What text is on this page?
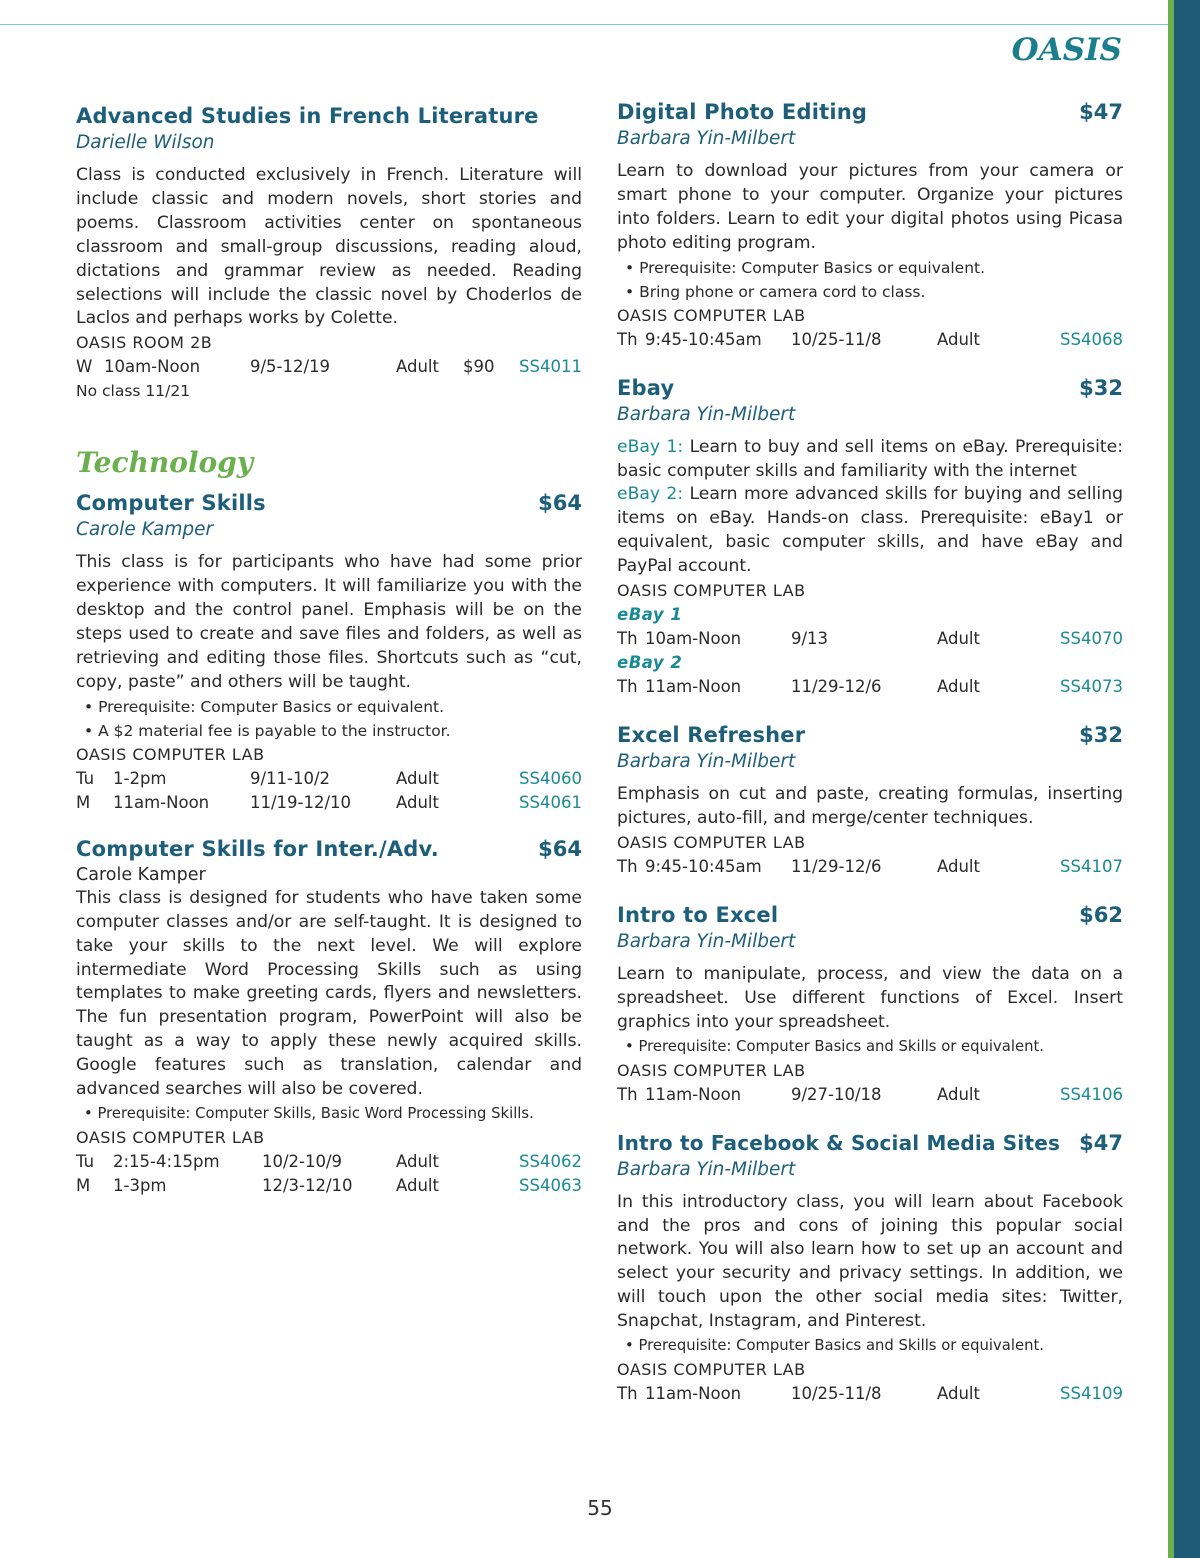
OASIS
Advanced Studies in French Literature
Darielle Wilson
Class is conducted exclusively in French. Literature will include classic and modern novels, short stories and poems. Classroom activities center on spontaneous classroom and small-group discussions, reading aloud, dictations and grammar review as needed. Reading selections will include the classic novel by Choderlos de Laclos and perhaps works by Colette.
OASIS ROOM 2B
W 10am-Noon	9/5-12/19	Adult $90 SS4011
No class 11/21
Technology
Computer Skills	$64
Carole Kamper
This class is for participants who have had some prior experience with computers. It will familiarize you with the desktop and the control panel. Emphasis will be on the steps used to create and save files and folders, as well as retrieving and editing those files. Shortcuts such as “cut, copy, paste” and others will be taught.
• Prerequisite: Computer Basics or equivalent.
• A $2 material fee is payable to the instructor.
OASIS COMPUTER LAB
Tu 1-2pm	9/11-10/2	Adult	SS4060
M 11am-Noon 11/19-12/10	Adult	SS4061
Computer Skills for Inter./Adv.	$64
Carole Kamper
This class is designed for students who have taken some computer classes and/or are self-taught. It is designed to take your skills to the next level. We will explore intermediate Word Processing Skills such as using templates to make greeting cards, flyers and newsletters. The fun presentation program, PowerPoint will also be taught as a way to apply these newly acquired skills. Google features such as translation, calendar and advanced searches will also be covered.
• Prerequisite: Computer Skills, Basic Word Processing Skills.
OASIS COMPUTER LAB
Tu 2:15-4:15pm	10/2-10/9	Adult	SS4062
M 1-3pm	12/3-12/10	Adult	SS4063
Digital Photo Editing	$47
Barbara Yin-Milbert
Learn to download your pictures from your camera or smart phone to your computer. Organize your pictures into folders. Learn to edit your digital photos using Picasa photo editing program.
• Prerequisite: Computer Basics or equivalent.
• Bring phone or camera cord to class.
OASIS COMPUTER LAB
Th 9:45-10:45am 10/25-11/8	Adult	SS4068
Ebay	$32
Barbara Yin-Milbert
eBay 1: Learn to buy and sell items on eBay. Prerequisite: basic computer skills and familiarity with the internet
eBay 2: Learn more advanced skills for buying and selling items on eBay. Hands-on class. Prerequisite: eBay1 or equivalent, basic computer skills, and have eBay and PayPal account.
OASIS COMPUTER LAB
eBay 1
Th 10am-Noon	9/13	Adult	SS4070
eBay 2
Th 11am-Noon	11/29-12/6	Adult	SS4073
Excel Refresher	$32
Barbara Yin-Milbert
Emphasis on cut and paste, creating formulas, inserting pictures, auto-fill, and merge/center techniques.
OASIS COMPUTER LAB
Th 9:45-10:45am 11/29-12/6	Adult	SS4107
Intro to Excel	$62
Barbara Yin-Milbert
Learn to manipulate, process, and view the data on a spreadsheet. Use different functions of Excel. Insert graphics into your spreadsheet.
• Prerequisite: Computer Basics and Skills or equivalent.
OASIS COMPUTER LAB
Th 11am-Noon	9/27-10/18	Adult	SS4106
Intro to Facebook & Social Media Sites $47
Barbara Yin-Milbert
In this introductory class, you will learn about Facebook and the pros and cons of joining this popular social network. You will also learn how to set up an account and select your security and privacy settings. In addition, we will touch upon the other social media sites: Twitter, Snapchat, Instagram, and Pinterest.
• Prerequisite: Computer Basics and Skills or equivalent.
OASIS COMPUTER LAB
Th 11am-Noon	10/25-11/8	Adult	SS4109
55
